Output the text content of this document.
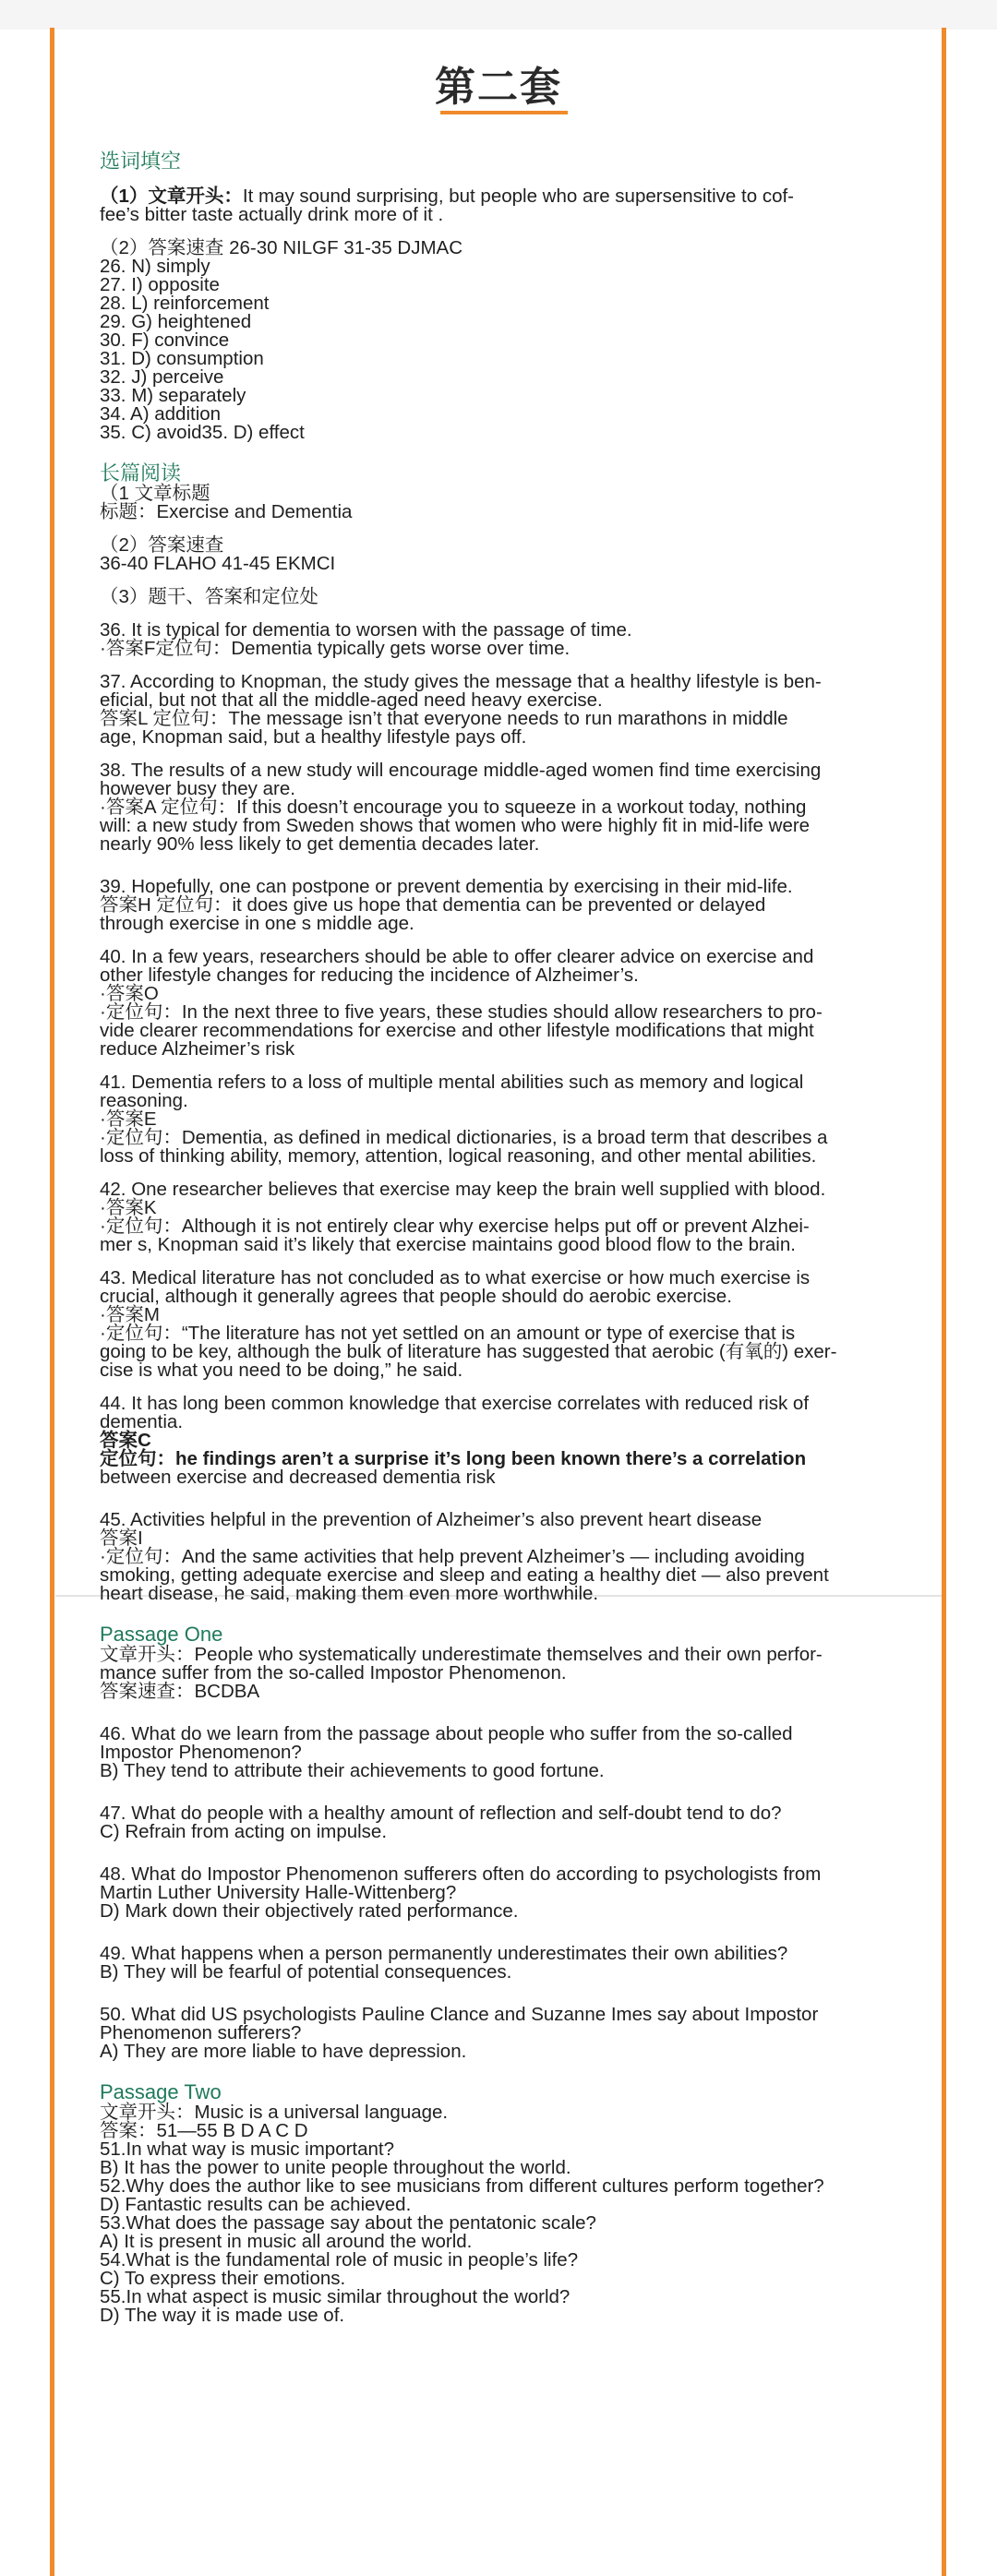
第二套
选词填空
（1）文章开头：It may sound surprising, but people who are supersensitive to cof-
fee’s bitter taste actually drink more of it .
（2）答案速查 26-30 NILGF 31-35 DJMAC
26. N) simply
27. I) opposite
28. L) reinforcement
29. G) heightened
30. F) convince
31. D) consumption
32. J) perceive
33. M) separately
34. A) addition
35. C) avoid35. D) effect
长篇阅读
（1 文章标题
标题：Exercise and Dementia
（2）答案速查
36-40 FLAHO 41-45 EKMCI
（3）题干、答案和定位处
36. It is typical for dementia to worsen with the passage of time.
·答案F定位句：Dementia typically gets worse over time.
37. According to Knopman, the study gives the message that a healthy lifestyle is ben-
eficial, but not that all the middle-aged need heavy exercise.
答案L 定位句：The message isn’t that everyone needs to run marathons in middle
age, Knopman said, but a healthy lifestyle pays off.
38. The results of a new study will encourage middle-aged women find time exercising
however busy they are.
·答案A 定位句：If this doesn’t encourage you to squeeze in a workout today, nothing
will: a new study from Sweden shows that women who were highly fit in mid-life were
nearly 90% less likely to get dementia decades later.
39. Hopefully, one can postpone or prevent dementia by exercising in their mid-life.
答案H 定位句：it does give us hope that dementia can be prevented or delayed
through exercise in one s middle age.
40. In a few years, researchers should be able to offer clearer advice on exercise and
other lifestyle changes for reducing the incidence of Alzheimer’s.
·答案O
·定位句：In the next three to five years, these studies should allow researchers to pro-
vide clearer recommendations for exercise and other lifestyle modifications that might
reduce Alzheimer’s risk
41. Dementia refers to a loss of multiple mental abilities such as memory and logical
reasoning.
·答案E
·定位句：Dementia, as defined in medical dictionaries, is a broad term that describes a
loss of thinking ability, memory, attention, logical reasoning, and other mental abilities.
42. One researcher believes that exercise may keep the brain well supplied with blood.
·答案K
·定位句：Although it is not entirely clear why exercise helps put off or prevent Alzhei-
mer s, Knopman said it’s likely that exercise maintains good blood flow to the brain.
43. Medical literature has not concluded as to what exercise or how much exercise is
crucial, although it generally agrees that people should do aerobic exercise.
·答案M
·定位句：“The literature has not yet settled on an amount or type of exercise that is
going to be key, although the bulk of literature has suggested that aerobic (有氧的) exer-
cise is what you need to be doing,” he said.
44. It has long been common knowledge that exercise correlates with reduced risk of
dementia.
答案C
定位句：he findings aren’t a surprise it’s long been known there’s a correlation
between exercise and decreased dementia risk
45. Activities helpful in the prevention of Alzheimer’s also prevent heart disease
答案I
·定位句：And the same activities that help prevent Alzheimer’s — including avoiding
smoking, getting adequate exercise and sleep and eating a healthy diet — also prevent
heart disease, he said, making them even more worthwhile.
Passage One
文章开头：People who systematically underestimate themselves and their own perfor-
mance suffer from the so-called Impostor Phenomenon.
答案速查：BCDBA
46. What do we learn from the passage about people who suffer from the so-called
Impostor Phenomenon?
B) They tend to attribute their achievements to good fortune.
47. What do people with a healthy amount of reflection and self-doubt tend to do?
C) Refrain from acting on impulse.
48. What do Impostor Phenomenon sufferers often do according to psychologists from
Martin Luther University Halle-Wittenberg?
D) Mark down their objectively rated performance.
49. What happens when a person permanently underestimates their own abilities?
B) They will be fearful of potential consequences.
50. What did US psychologists Pauline Clance and Suzanne Imes say about Impostor
Phenomenon sufferers?
A) They are more liable to have depression.
Passage Two
文章开头：Music is a universal language.
答案：51—55 B D A C D
51.In what way is music important?
B) It has the power to unite people throughout the world.
52.Why does the author like to see musicians from different cultures perform together?
D) Fantastic results can be achieved.
53.What does the passage say about the pentatonic scale?
A) It is present in music all around the world.
54.What is the fundamental role of music in people’s life?
C) To express their emotions.
55.In what aspect is music similar throughout the world?
D) The way it is made use of.
